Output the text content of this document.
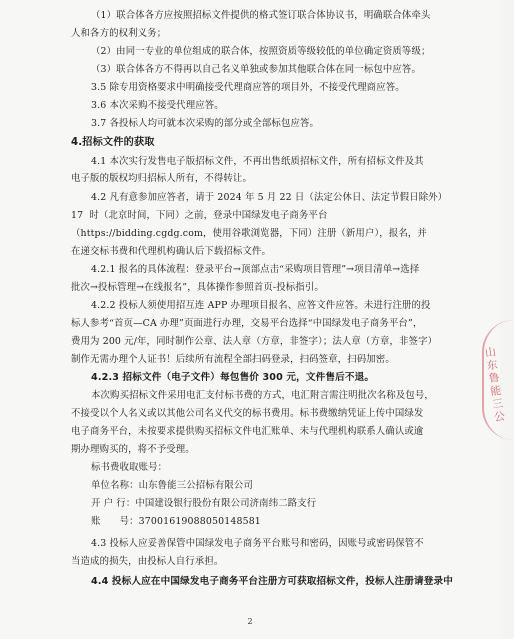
（1）联合体各方应按照招标文件提供的格式签订联合体协议书，明确联合体牵头
人和各方的权利义务；
（2）由同一专业的单位组成的联合体，按照资质等级较低的单位确定资质等级；
（3）联合体各方不得再以自己名义单独或参加其他联合体在同一标包中应答。
3.5 除专用资格要求中明确接受代理商应答的项目外，不接受代理商应答。
3.6 本次采购不接受代理应答。
3.7 各投标人均可就本次采购的部分或全部标包应答。
4.招标文件的获取
4.1 本次实行发售电子版招标文件，不再出售纸质招标文件，所有招标文件及其
电子版的版权均归招标人所有，不得转让。
4.2 凡有意参加应答者，请于 2024 年 5 月 22 日（法定公休日、法定节假日除外）
17 时（北京时间，下同）之前，登录中国绿发电子商务平台
（https://bidding.cgdg.com，使用谷歌浏览器，下同）注册（新用户），报名，并
在递交标书费和代理机构确认后下载招标文件。
4.2.1 报名的具体流程：登录平台→顶部点击“采购项目管理”→项目清单→选择
批次→投标管理→在线报名”，具体操作参照首页-投标指引。
4.2.2 投标人须使用招互连 APP 办理项目报名、应答文件应答。未进行注册的投
标人参考“首页—CA 办理”页面进行办理，交易平台选择“中国绿发电子商务平台”，
费用为 200 元/年，同时制作公章、法人章（方章，非签字）；法人章（方章，非签字）
制作无需办理个人证书！后续所有流程全部扫码登录，扫码签章，扫码加密。
4.2.3 招标文件（电子文件）每包售价 300 元，文件售后不退。
本次购买招标文件采用电汇支付标书费的方式，电汇附言需注明批次名称及包号，
不接受以个人名义或以其他公司名义代交的标书费用。标书费缴纳凭证上传中国绿发
电子商务平台，未按要求提供购买招标文件电汇账单、未与代理机构联系人确认或逾
期办理购买的，将不予受理。
标书费收取账号：
单位名称：山东鲁能三公招标有限公司
开 户 行：中国建设银行股份有限公司济南纬二路支行
账　　号：37001619088050148581
4.3 投标人应妥善保管中国绿发电子商务平台账号和密码，因账号或密码保管不
当造成的损失，由投标人自行承担。
4.4 投标人应在中国绿发电子商务平台注册方可获取招标文件，投标人注册请登录中
山东鲁能三公
2
